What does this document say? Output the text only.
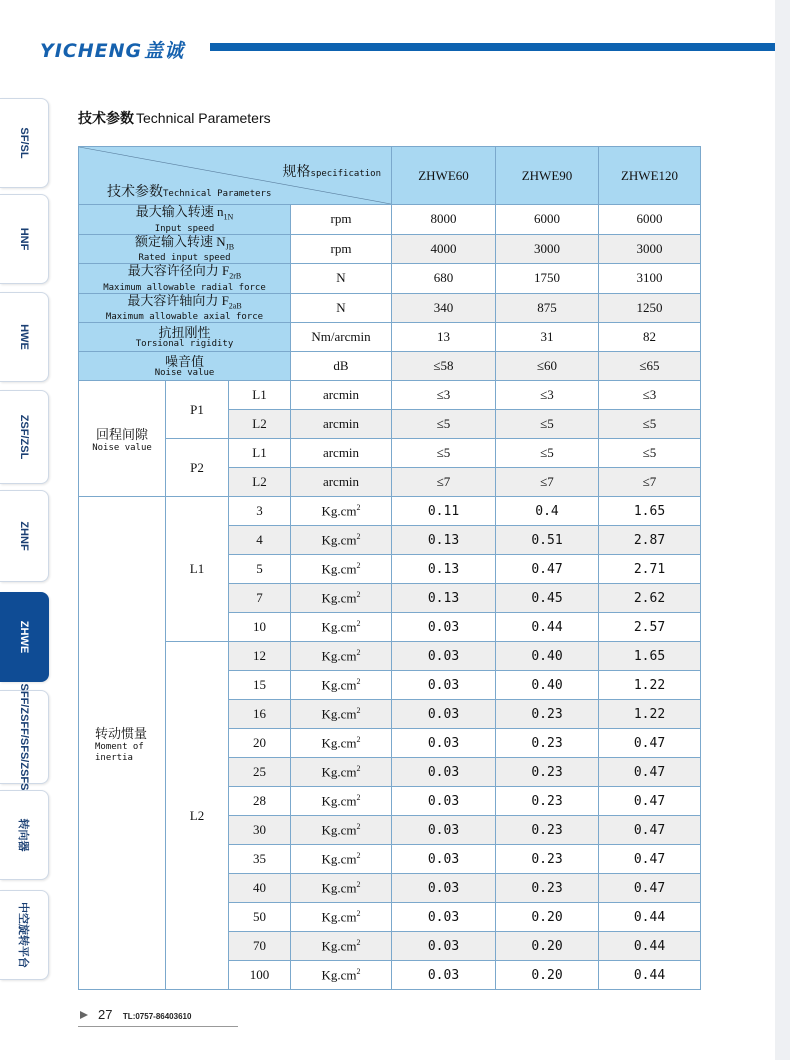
YICHENG 盖诚
技术参数 Technical Parameters
SF/SL
HNF
HWE
ZSF/ZSL
ZHNF
ZHWE
SFF/ZSFF/SFS/ZSFS
转向器
中空旋转平台
规格specification
技术参数Technical Parameters				ZHWE60	ZHWE90	ZHWE120
最大输入转速 $n_{1N}$
Input speed			rpm	8000	6000	6000
额定输入转速 $N_{JB}$
Rated input speed			rpm	4000	3000	3000
最大容许径向力 $F_{2rB}$
Maximum allowable radial force			N	680	1750	3100
最大容许轴向力 $F_{2aB}$
Maximum allowable axial force			N	340	875	1250
抗扭刚性
Torsional rigidity			Nm/arcmin	13	31	82
噪音值
Noise value			dB	≤58	≤60	≤65
回程间隙
Noise value	P1	L1	arcmin	≤3	≤3	≤3
		L2	arcmin	≤5	≤5	≤5
	P2	L1	arcmin	≤5	≤5	≤5
		L2	arcmin	≤7	≤7	≤7
转动惯量
Moment of
inertia	L1	3	$Kg.cm^2$	0.11	0.4	1.65
		4	$Kg.cm^2$	0.13	0.51	2.87
		5	$Kg.cm^2$	0.13	0.47	2.71
		7	$Kg.cm^2$	0.13	0.45	2.62
		10	$Kg.cm^2$	0.03	0.44	2.57
	L2	12	$Kg.cm^2$	0.03	0.40	1.65
		15	$Kg.cm^2$	0.03	0.40	1.22
		16	$Kg.cm^2$	0.03	0.23	1.22
		20	$Kg.cm^2$	0.03	0.23	0.47
		25	$Kg.cm^2$	0.03	0.23	0.47
		28	$Kg.cm^2$	0.03	0.23	0.47
		30	$Kg.cm^2$	0.03	0.23	0.47
		35	$Kg.cm^2$	0.03	0.23	0.47
		40	$Kg.cm^2$	0.03	0.23	0.47
		50	$Kg.cm^2$	0.03	0.20	0.44
		70	$Kg.cm^2$	0.03	0.20	0.44
		100	$Kg.cm^2$	0.03	0.20	0.44
27 TL:0757-86403610
